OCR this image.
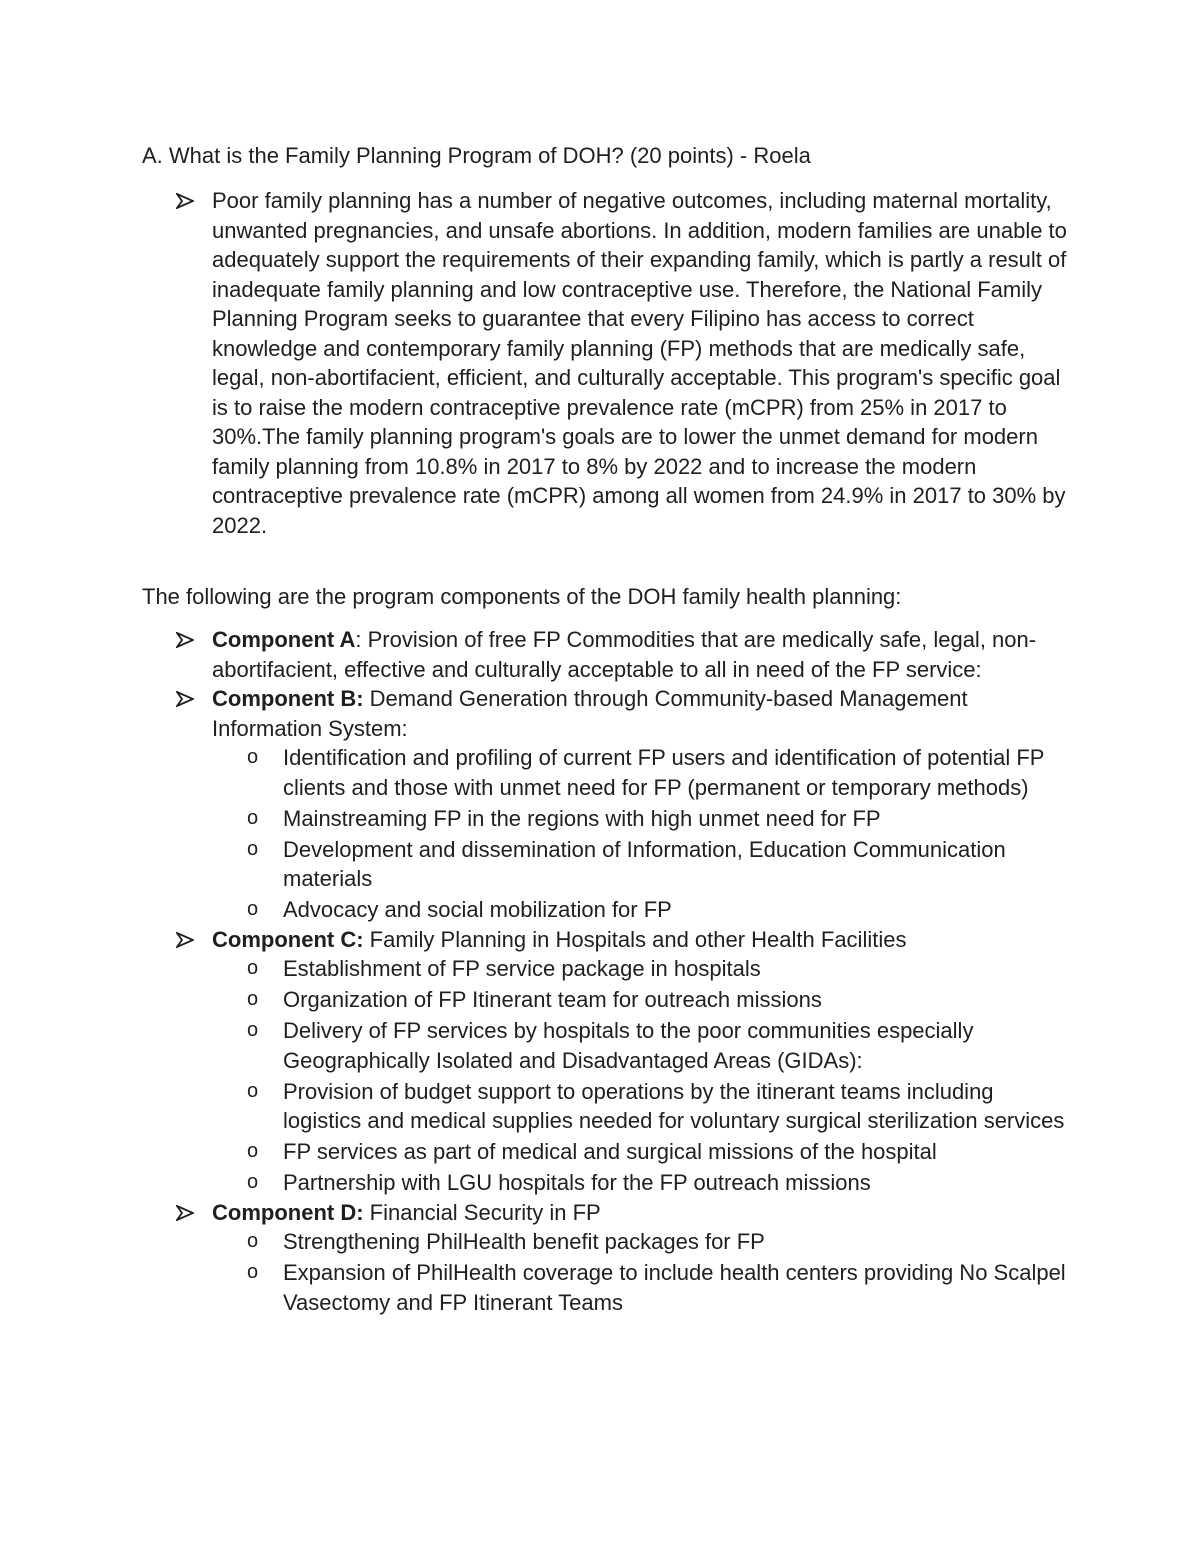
A. What is the Family Planning Program of DOH? (20 points) - Roela
Poor family planning has a number of negative outcomes, including maternal mortality, unwanted pregnancies, and unsafe abortions. In addition, modern families are unable to adequately support the requirements of their expanding family, which is partly a result of inadequate family planning and low contraceptive use. Therefore, the National Family Planning Program seeks to guarantee that every Filipino has access to correct knowledge and contemporary family planning (FP) methods that are medically safe, legal, non-abortifacient, efficient, and culturally acceptable. This program's specific goal is to raise the modern contraceptive prevalence rate (mCPR) from 25% in 2017 to 30%.The family planning program's goals are to lower the unmet demand for modern family planning from 10.8% in 2017 to 8% by 2022 and to increase the modern contraceptive prevalence rate (mCPR) among all women from 24.9% in 2017 to 30% by 2022.

The following are the program components of the DOH family health planning:

Component A: Provision of free FP Commodities that are medically safe, legal, non-abortifacient, effective and culturally acceptable to all in need of the FP service:
Component B: Demand Generation through Community-based Management Information System:
o Identification and profiling of current FP users and identification of potential FP clients and those with unmet need for FP (permanent or temporary methods)
o Mainstreaming FP in the regions with high unmet need for FP
o Development and dissemination of Information, Education Communication materials
o Advocacy and social mobilization for FP
Component C: Family Planning in Hospitals and other Health Facilities
o Establishment of FP service package in hospitals
o Organization of FP Itinerant team for outreach missions
o Delivery of FP services by hospitals to the poor communities especially Geographically Isolated and Disadvantaged Areas (GIDAs):
o Provision of budget support to operations by the itinerant teams including logistics and medical supplies needed for voluntary surgical sterilization services
o FP services as part of medical and surgical missions of the hospital
o Partnership with LGU hospitals for the FP outreach missions
Component D: Financial Security in FP
o Strengthening PhilHealth benefit packages for FP
o Expansion of PhilHealth coverage to include health centers providing No Scalpel Vasectomy and FP Itinerant Teams
